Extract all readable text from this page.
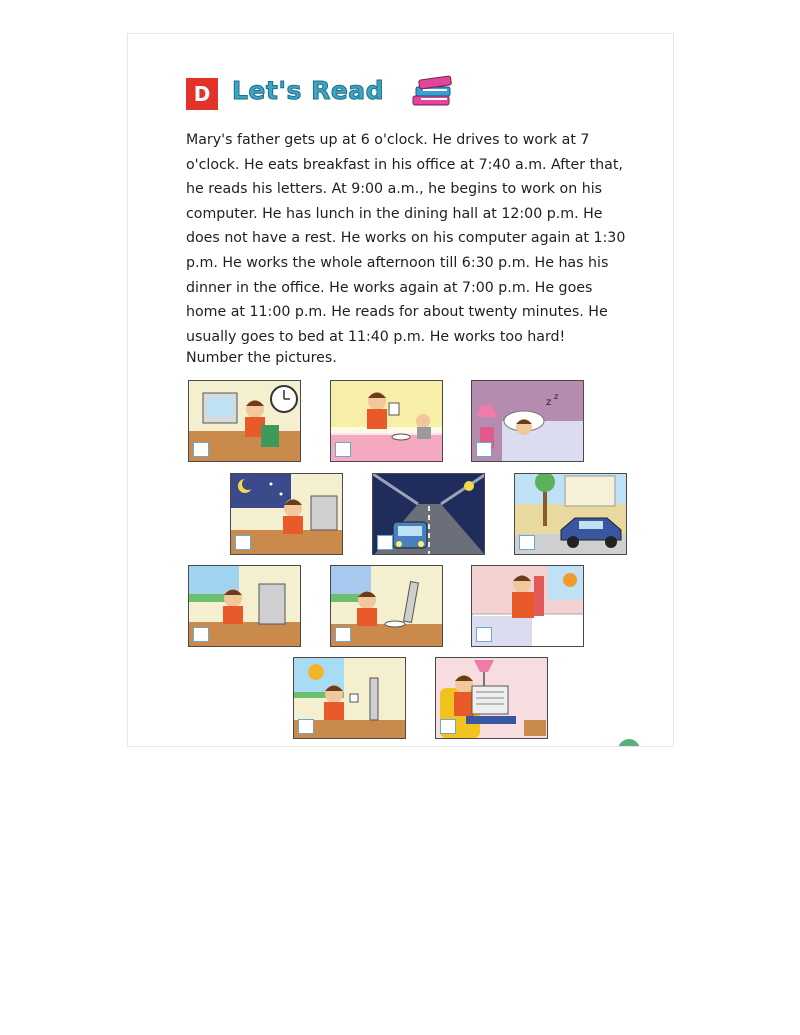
D Let's Read
Mary's father gets up at 6 o'clock. He drives to work at 7 o'clock. He eats breakfast in his office at 7:40 a.m. After that, he reads his letters. At 9:00 a.m., he begins to work on his computer. He has lunch in the dining hall at 12:00 p.m. He does not have a rest. He works on his computer again at 1:30 p.m. He works the whole afternoon till 6:30 p.m. He has his dinner in the office. He works again at 7:00 p.m. He goes home at 11:00 p.m. He reads for about twenty minutes. He usually goes to bed at 11:40 p.m. He works too hard!
Number the pictures.
z
z
